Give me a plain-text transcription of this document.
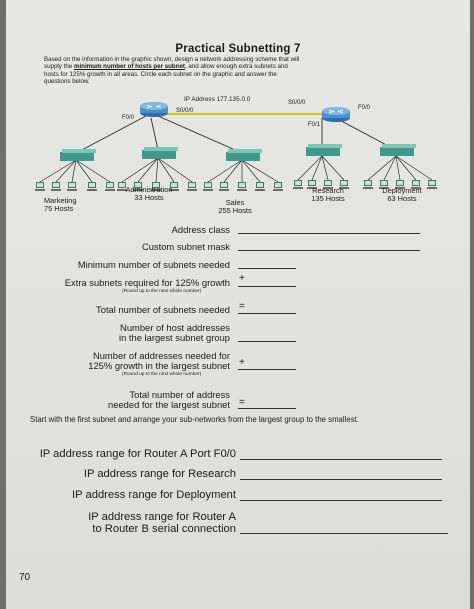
Practical Subnetting 7
Based on the information in the graphic shown, design a network addressing scheme that will
supply the minimum number of hosts per subnet, and allow enough extra subnets and
hosts for 125% growth in all areas. Circle each subnet on the graphic and answer the
questions below.
IP Address 177.135.0.0
S0/0/0
S0/0/0
F0/0
F0/0
F0/1
Marketing
75 Hosts
Administration
33 Hosts
Sales
255 Hosts
Research
135 Hosts
Deployment
63 Hosts
Address class
Custom subnet mask
Minimum number of subnets needed
Extra subnets required for 125% growth +
(Round up to the next whole number)
Total number of subnets needed =
Number of host addresses
in the largest subnet group
Number of addresses needed for
125% growth in the largest subnet +
(Round up to the next whole number)
Total number of address
needed for the largest subnet =
Start with the first subnet and arrange your sub-networks from the largest group to the smallest.
IP address range for Router A Port F0/0
IP address range for Research
IP address range for Deployment
IP address range for Router A
to Router B serial connection
70
